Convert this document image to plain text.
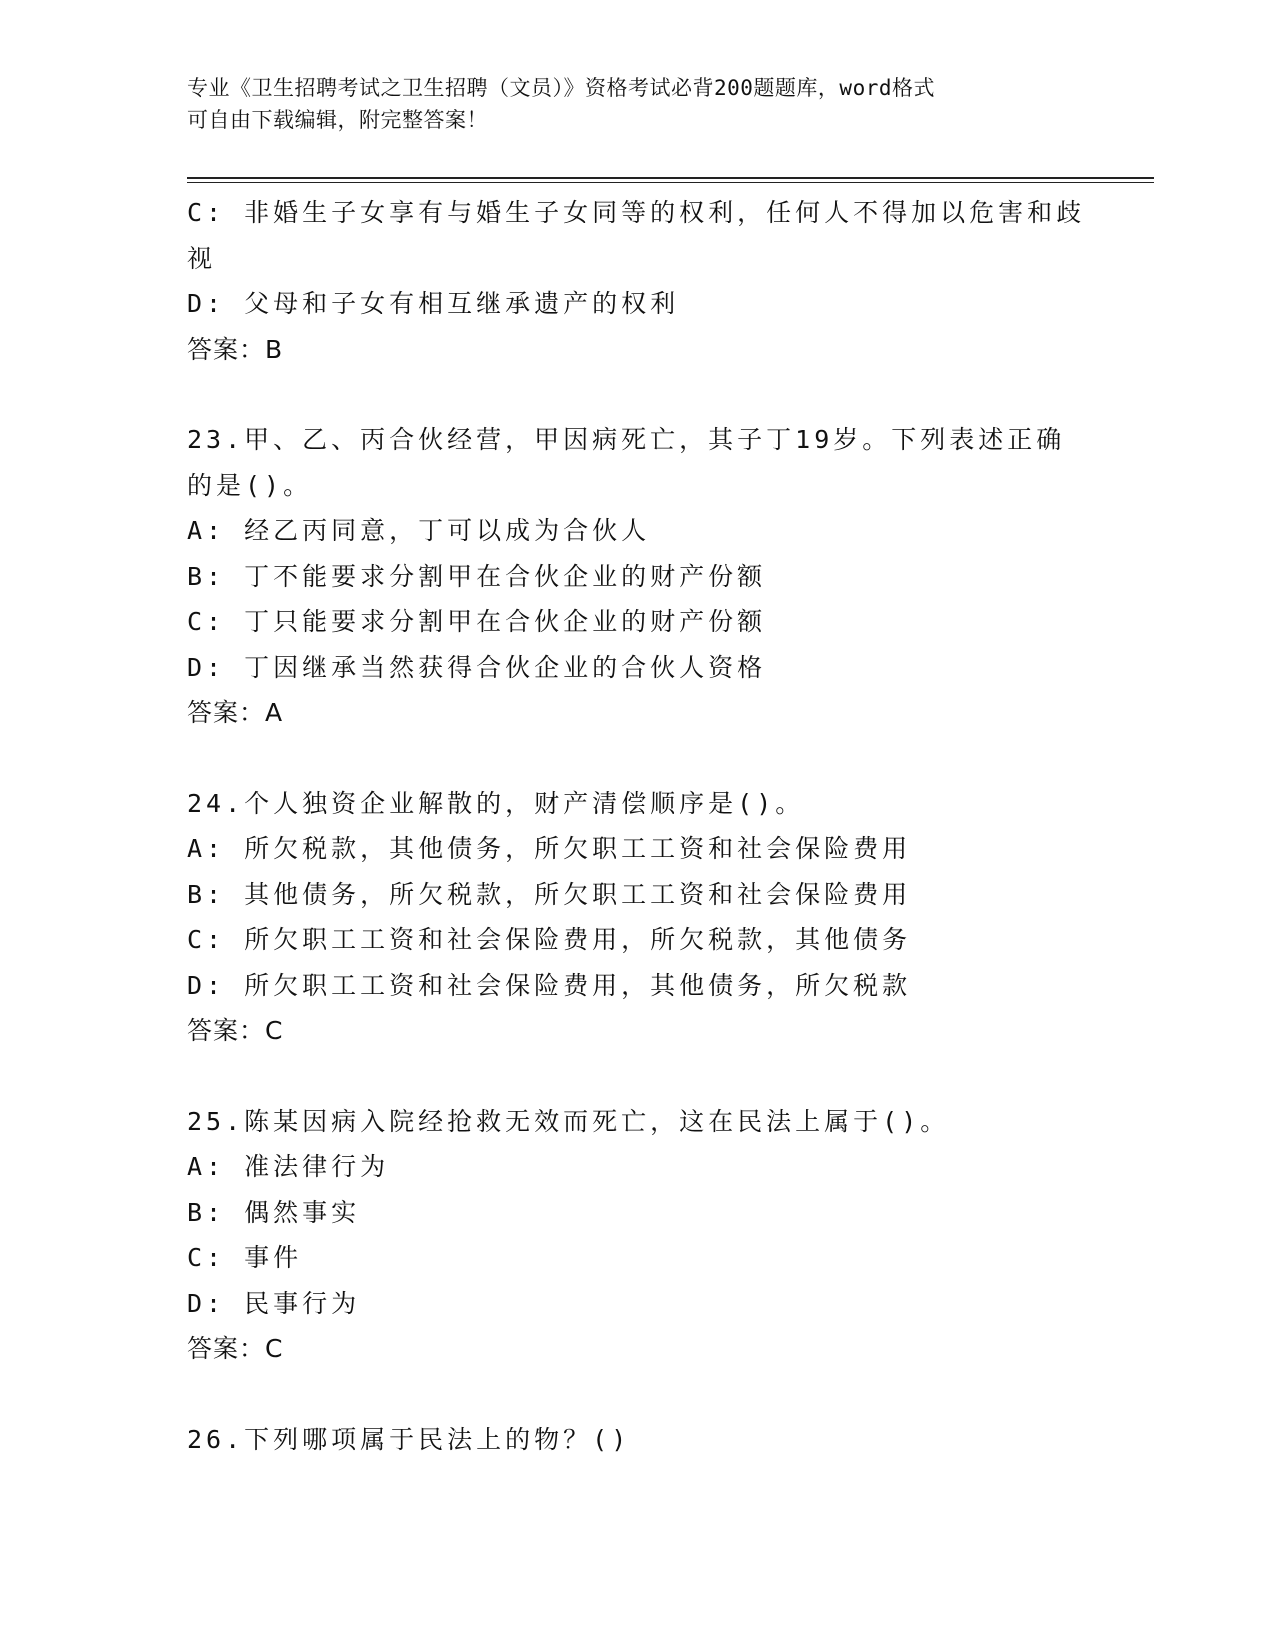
专业《卫生招聘考试之卫生招聘（文员）》资格考试必背200题题库，word格式
可自由下载编辑，附完整答案！
C: 非婚生子女享有与婚生子女同等的权利，任何人不得加以危害和歧
视
D: 父母和子女有相互继承遗产的权利
答案：B
23.甲、乙、丙合伙经营，甲因病死亡，其子丁19岁。下列表述正确
的是()。
A: 经乙丙同意，丁可以成为合伙人
B: 丁不能要求分割甲在合伙企业的财产份额
C: 丁只能要求分割甲在合伙企业的财产份额
D: 丁因继承当然获得合伙企业的合伙人资格
答案：A
24.个人独资企业解散的，财产清偿顺序是()。
A: 所欠税款，其他债务，所欠职工工资和社会保险费用
B: 其他债务，所欠税款，所欠职工工资和社会保险费用
C: 所欠职工工资和社会保险费用，所欠税款，其他债务
D: 所欠职工工资和社会保险费用，其他债务，所欠税款
答案：C
25.陈某因病入院经抢救无效而死亡，这在民法上属于()。
A: 准法律行为
B: 偶然事实
C: 事件
D: 民事行为
答案：C
26.下列哪项属于民法上的物？()
